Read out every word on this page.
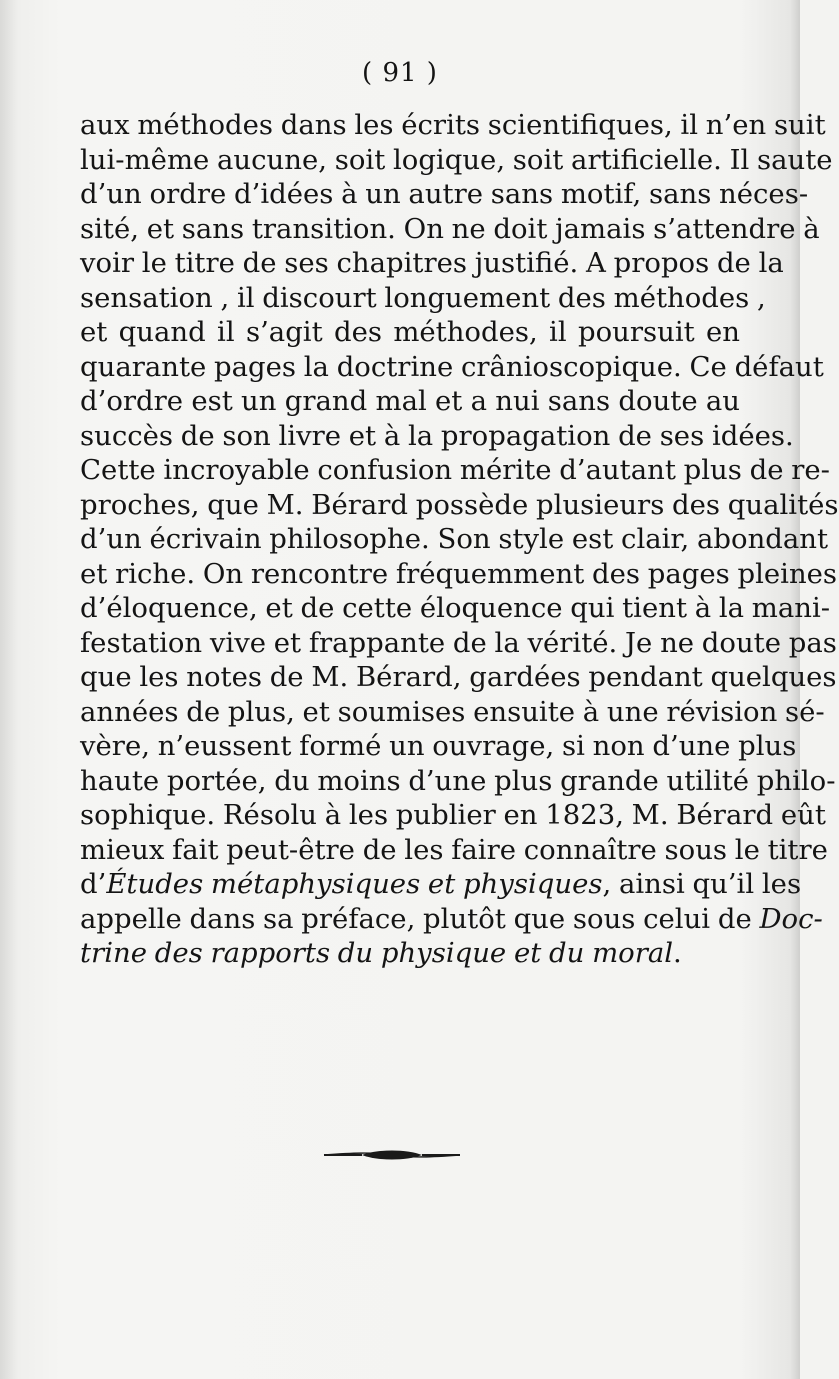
( 91 )
aux méthodes dans les écrits scientifiques, il n’en suit
lui-même aucune, soit logique, soit artificielle. Il saute
d’un ordre d’idées à un autre sans motif, sans néces-
sité, et sans transition. On ne doit jamais s’attendre à
voir le titre de ses chapitres justifié. A propos de la
sensation , il discourt longuement des méthodes ,
et quand il s’agit des méthodes, il poursuit en
quarante pages la doctrine crânioscopique. Ce défaut
d’ordre est un grand mal et a nui sans doute au
succès de son livre et à la propagation de ses idées.
Cette incroyable confusion mérite d’autant plus de re-
proches, que M. Bérard possède plusieurs des qualités
d’un écrivain philosophe. Son style est clair, abondant
et riche. On rencontre fréquemment des pages pleines
d’éloquence, et de cette éloquence qui tient à la mani-
festation vive et frappante de la vérité. Je ne doute pas
que les notes de M. Bérard, gardées pendant quelques
années de plus, et soumises ensuite à une révision sé-
vère, n’eussent formé un ouvrage, si non d’une plus
haute portée, du moins d’une plus grande utilité philo-
sophique. Résolu à les publier en 1823, M. Bérard eût
mieux fait peut-être de les faire connaître sous le titre
d’Études métaphysiques et physiques, ainsi qu’il les
appelle dans sa préface, plutôt que sous celui de Doc-
trine des rapports du physique et du moral.
